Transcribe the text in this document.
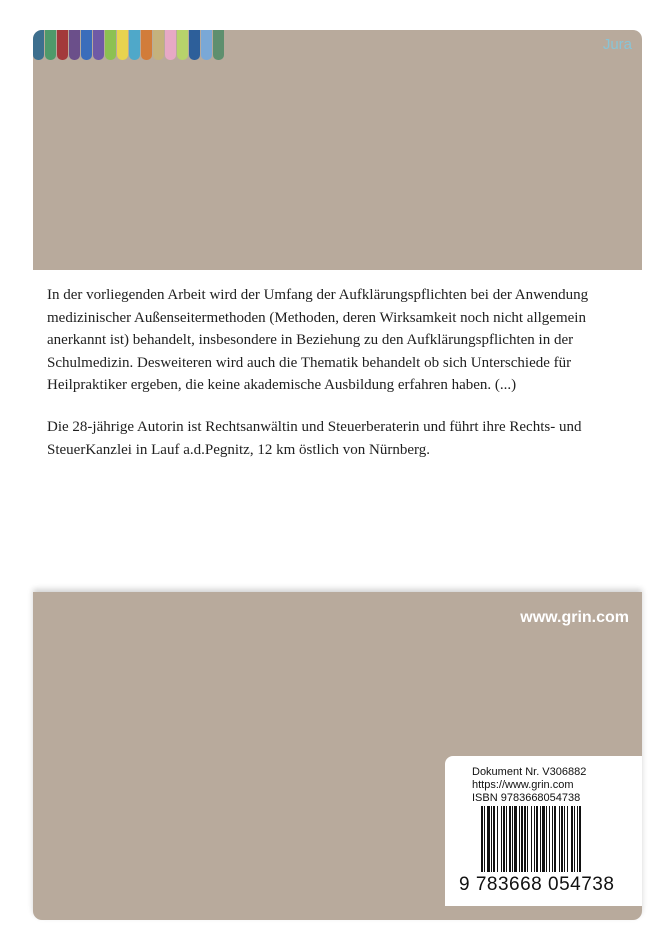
Jura

In der vorliegenden Arbeit wird der Umfang der Aufklärungspflichten bei der Anwendung medizinischer Außenseitermethoden (Methoden, deren Wirksamkeit noch nicht allgemein anerkannt ist) behandelt, insbesondere in Beziehung zu den Aufklärungspflichten in der Schulmedizin. Desweiteren wird auch die Thematik behandelt ob sich Unterschiede für Heilpraktiker ergeben, die keine akademische Ausbildung erfahren haben. (...)

Die 28-jährige Autorin ist Rechtsanwältin und Steuerberaterin und führt ihre Rechts- und SteuerKanzlei in Lauf a.d.Pegnitz, 12 km östlich von Nürnberg.

www.grin.com
Dokument Nr. V306882
https://www.grin.com
ISBN 9783668054738
9 783668 054738
